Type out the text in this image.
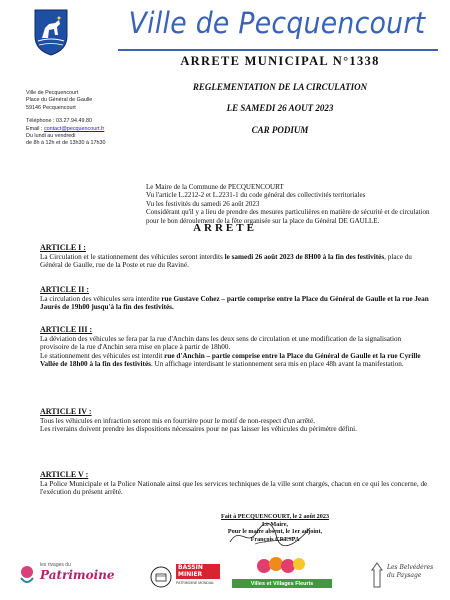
Ville de Pecquencourt
ARRETE MUNICIPAL N°1338
REGLEMENTATION DE LA CIRCULATION
LE SAMEDI 26 AOUT 2023
CAR PODIUM
Ville de Pecquencourt
Place du Général de Gaulle
59146 Pecquencourt
Téléphone : 03.27.94.49.80
Email : contact@pecquencourt.fr
Du lundi au vendredi
de 8h à 12h et de 13h30 à 17h30
Le Maire de la Commune de PECQUENCOURT
Vu l'article L.2212-2 et L.2231-1 du code général des collectivités territoriales
Vu les festivités du samedi 26 août 2023
Considérant qu'il y a lieu de prendre des mesures particulières en matière de sécurité et de circulation pour le bon déroulement de la fête organisée sur la place du Général DE GAULLE.
ARRETE
ARTICLE I :
La Circulation et le stationnement des véhicules seront interdits le samedi 26 août 2023 de 8H00 à la fin des festivités, place du Général de Gaulle, rue de la Poste et rue du Raviné.
ARTICLE II :
La circulation des véhicules sera interdite rue Gustave Cohez – partie comprise entre la Place du Général de Gaulle et la rue Jean Jaurès de 19h00 jusqu'à la fin des festivités.
ARTICLE III :
La déviation des véhicules se fera par la rue d'Anchin dans les deux sens de circulation et une modification de la signalisation provisoire de la rue d'Anchin sera mise en place à partir de 18h00.
Le stationnement des véhicules est interdit rue d'Anchin – partie comprise entre la Place du Général de Gaulle et la rue Cyrille Vallée de 18h00 à la fin des festivités. Un affichage interdisant le stationnement sera mis en place 48h avant la manifestation.
ARTICLE IV :
Tous les véhicules en infraction seront mis en fourrière pour le motif de non-respect d'un arrêté.
Les riverains doivent prendre les dispositions nécessaires pour ne pas laisser les véhicules du périmètre défini.
ARTICLE V :
La Police Municipale et la Police Nationale ainsi que les services techniques de la ville sont chargés, chacun en ce qui les concerne, de l'exécution du présent arrêté.
Fait à PECQUENCOURT, le 2 août 2023
Le Maire,
Pour le maire absent, le 1er adjoint,
François CRESPA
les rivages du
Patrimoine
BASSIN
MINIER
PATRIMOINE MONDIAL	Villes et Villages Fleuris
Les Belvédères
du Paysage
